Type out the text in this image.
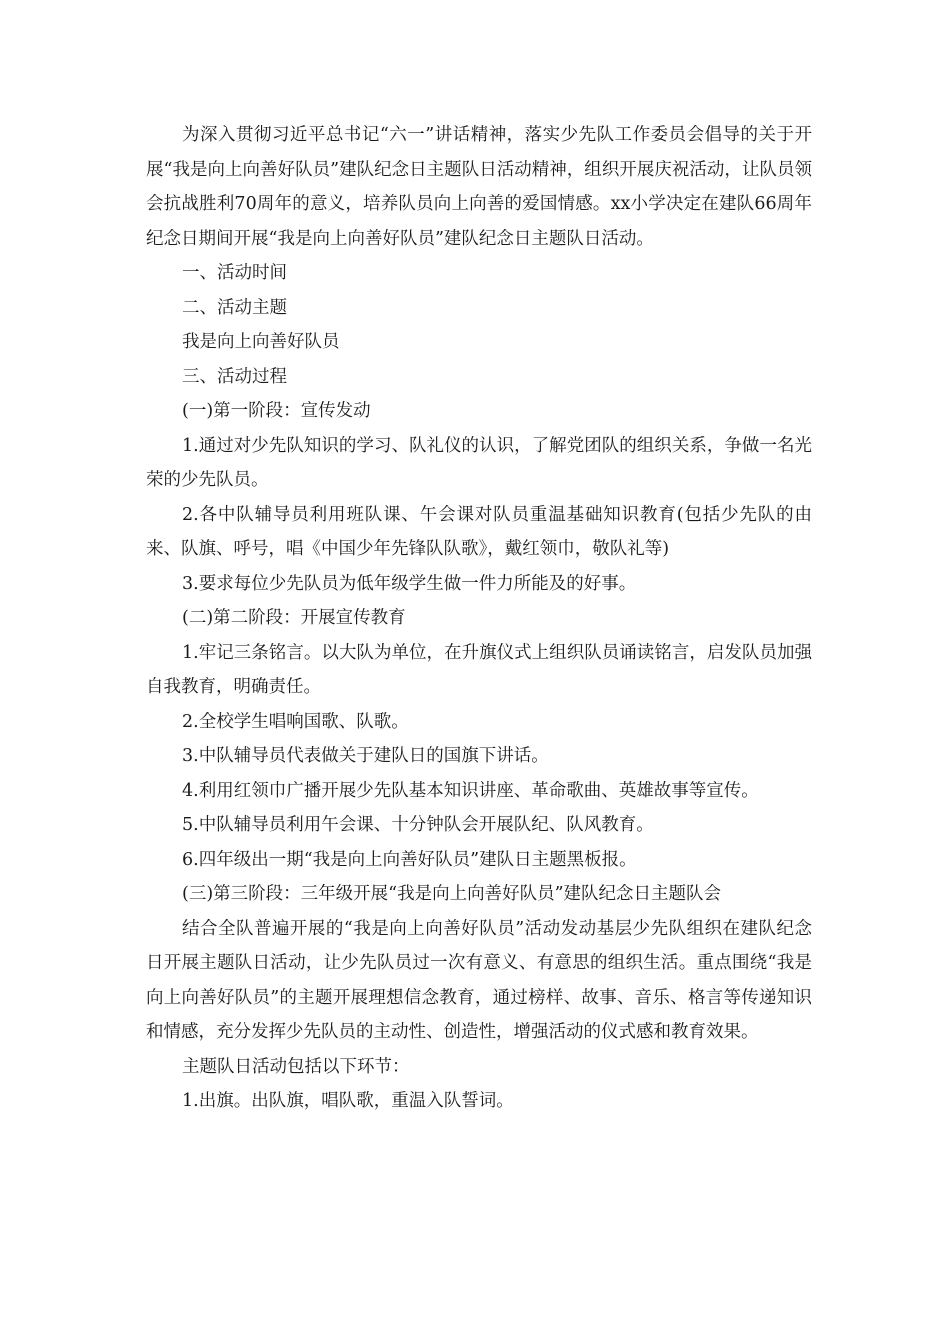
为深入贯彻习近平总书记“六一”讲话精神，落实少先队工作委员会倡导的关于开展“我是向上向善好队员”建队纪念日主题队日活动精神，组织开展庆祝活动，让队员领会抗战胜利70周年的意义，培养队员向上向善的爱国情感。xx小学决定在建队66周年纪念日期间开展“我是向上向善好队员”建队纪念日主题队日活动。

一、活动时间

二、活动主题

我是向上向善好队员

三、活动过程

(一)第一阶段：宣传发动

1.通过对少先队知识的学习、队礼仪的认识，了解党团队的组织关系，争做一名光荣的少先队员。

2.各中队辅导员利用班队课、午会课对队员重温基础知识教育(包括少先队的由来、队旗、呼号，唱《中国少年先锋队队歌》，戴红领巾，敬队礼等)

3.要求每位少先队员为低年级学生做一件力所能及的好事。

(二)第二阶段：开展宣传教育

1.牢记三条铭言。以大队为单位，在升旗仪式上组织队员诵读铭言，启发队员加强自我教育，明确责任。

2.全校学生唱响国歌、队歌。

3.中队辅导员代表做关于建队日的国旗下讲话。

4.利用红领巾广播开展少先队基本知识讲座、革命歌曲、英雄故事等宣传。

5.中队辅导员利用午会课、十分钟队会开展队纪、队风教育。

6.四年级出一期“我是向上向善好队员”建队日主题黑板报。

(三)第三阶段：三年级开展“我是向上向善好队员”建队纪念日主题队会

结合全队普遍开展的“我是向上向善好队员”活动发动基层少先队组织在建队纪念日开展主题队日活动，让少先队员过一次有意义、有意思的组织生活。重点围绕“我是向上向善好队员”的主题开展理想信念教育，通过榜样、故事、音乐、格言等传递知识和情感，充分发挥少先队员的主动性、创造性，增强活动的仪式感和教育效果。

主题队日活动包括以下环节：

1.出旗。出队旗，唱队歌，重温入队誓词。
